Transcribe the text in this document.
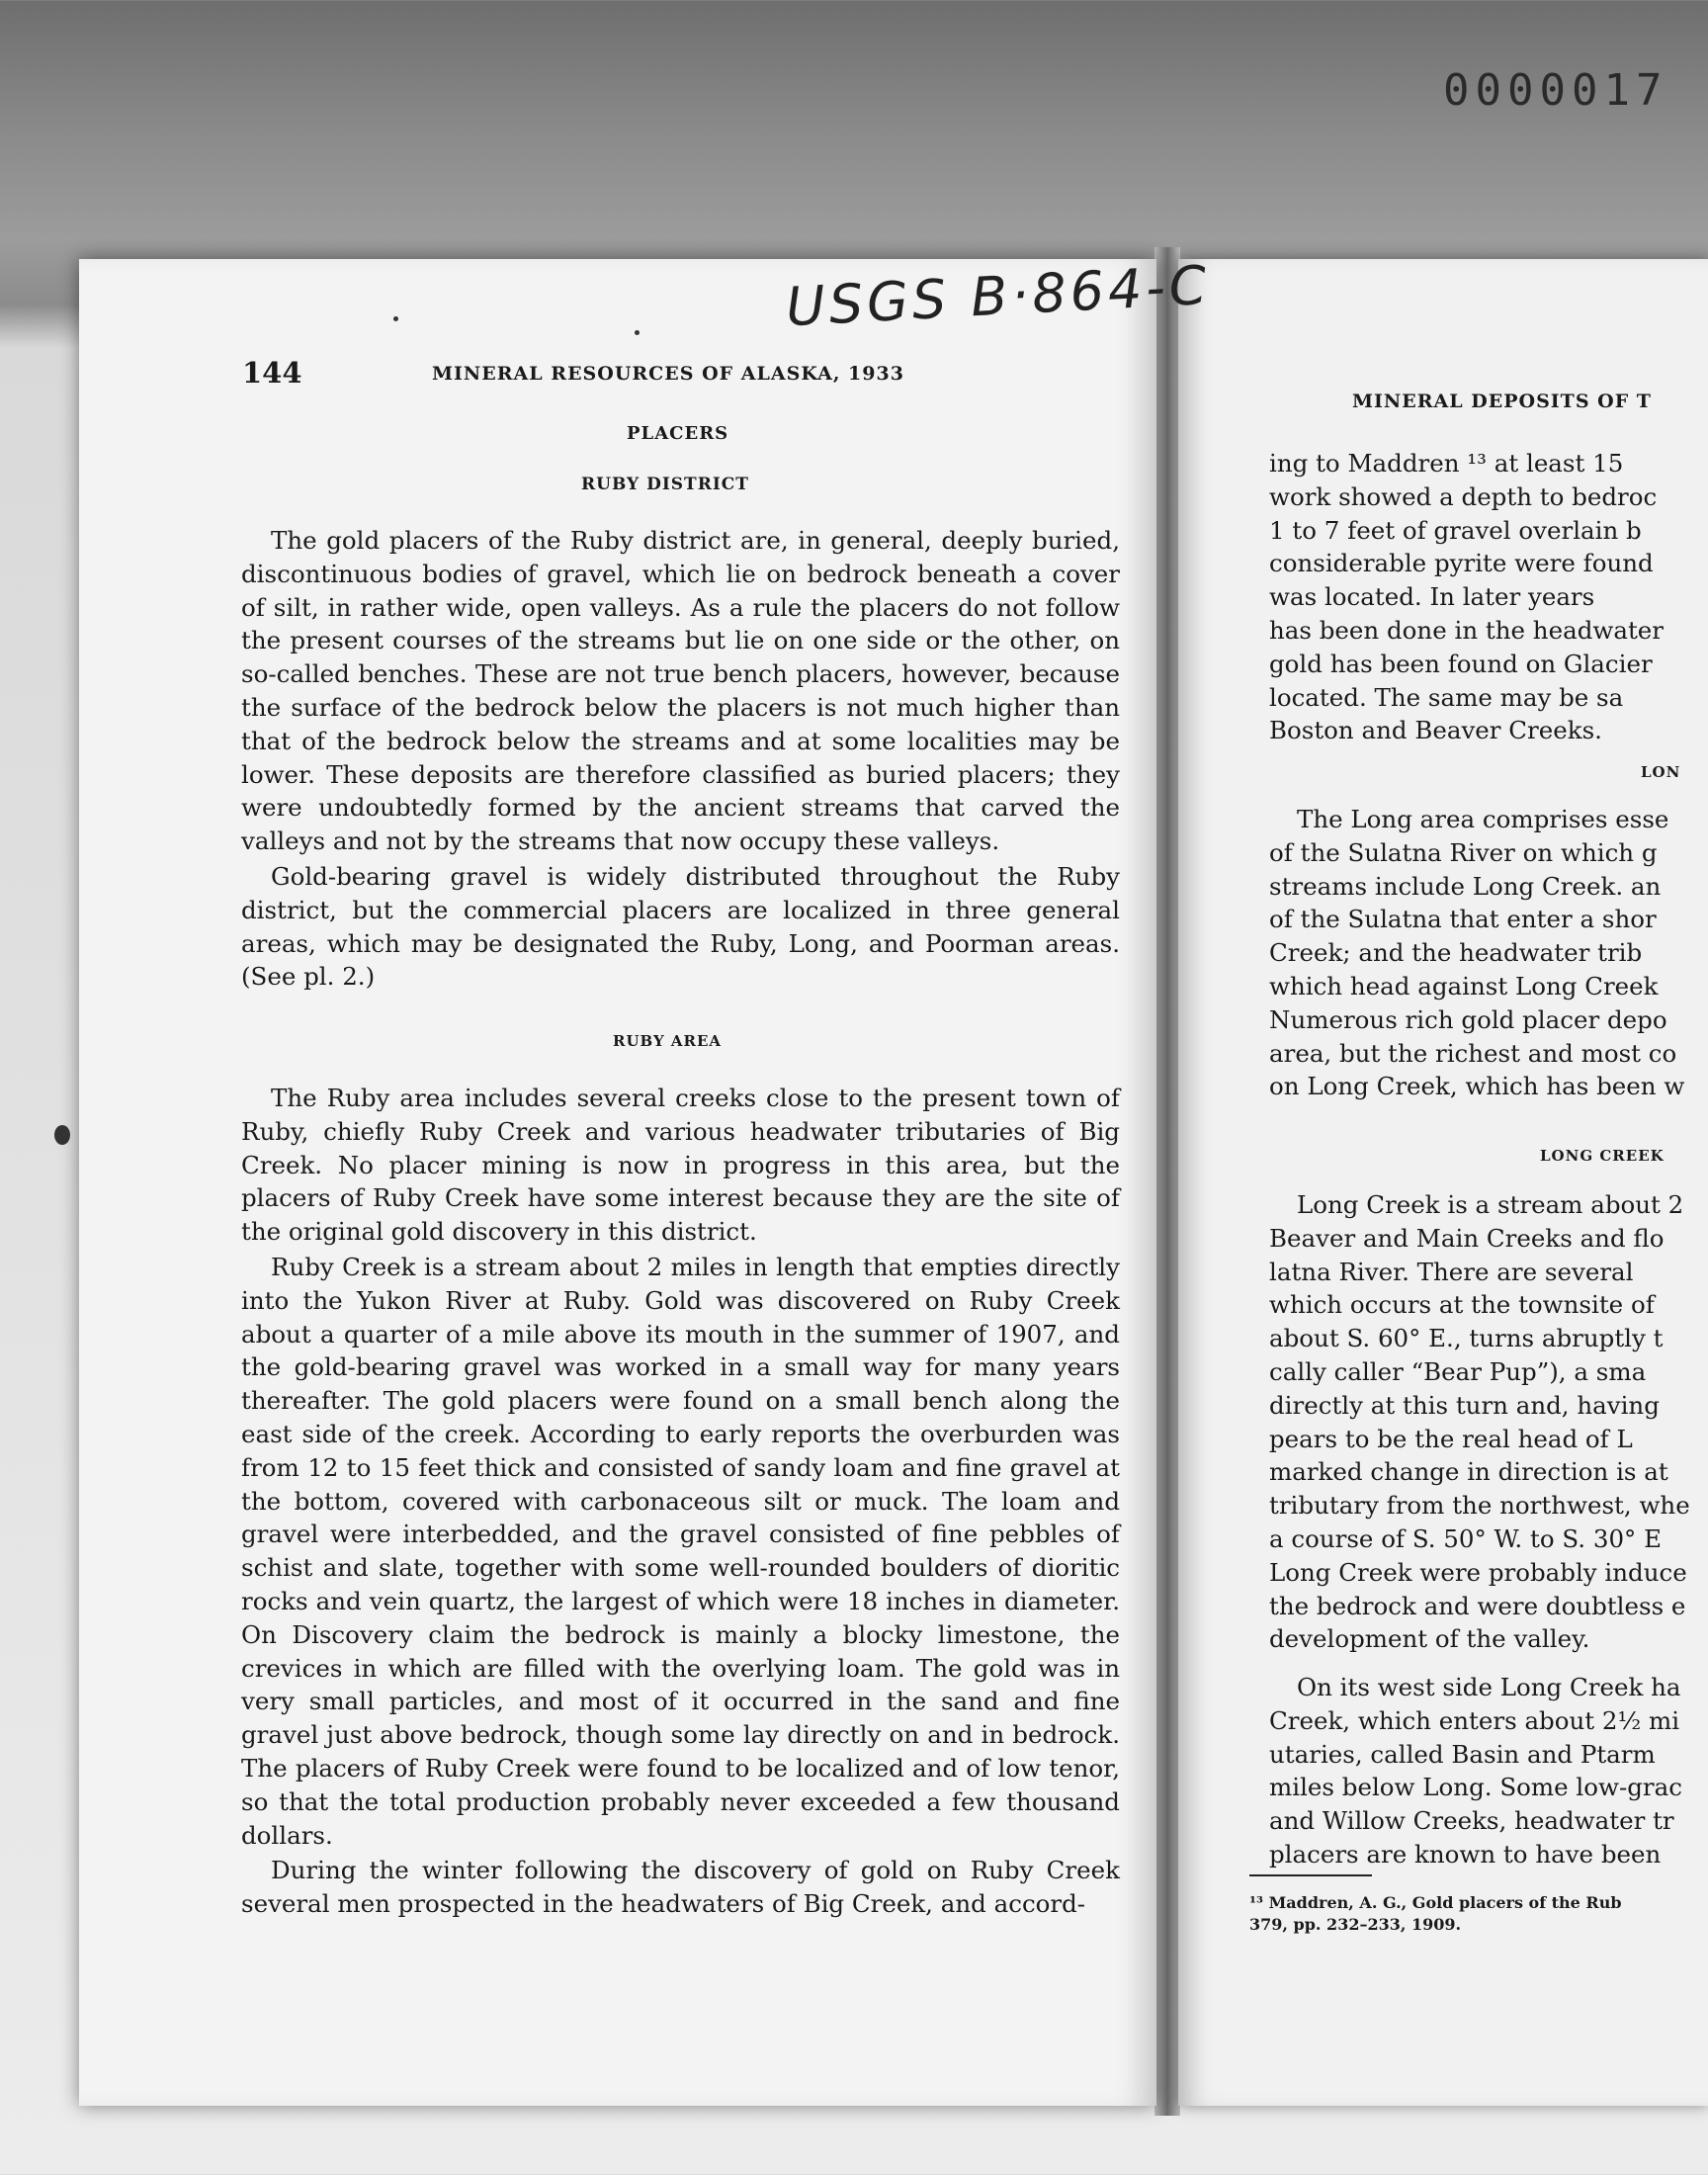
0000017
USGS B·864-C
144	MINERAL RESOURCES OF ALASKA, 1933
PLACERS
RUBY DISTRICT

The gold placers of the Ruby district are, in general, deeply buried, discontinuous bodies of gravel, which lie on bedrock beneath a cover of silt, in rather wide, open valleys. As a rule the placers do not follow the present courses of the streams but lie on one side or the other, on so-called benches. These are not true bench placers, however, because the surface of the bedrock below the placers is not much higher than that of the bedrock below the streams and at some localities may be lower. These deposits are therefore classified as buried placers; they were undoubtedly formed by the ancient streams that carved the valleys and not by the streams that now occupy these valleys.

Gold-bearing gravel is widely distributed throughout the Ruby district, but the commercial placers are localized in three general areas, which may be designated the Ruby, Long, and Poorman areas. (See pl. 2.)

RUBY AREA

The Ruby area includes several creeks close to the present town of Ruby, chiefly Ruby Creek and various headwater tributaries of Big Creek. No placer mining is now in progress in this area, but the placers of Ruby Creek have some interest because they are the site of the original gold discovery in this district.

Ruby Creek is a stream about 2 miles in length that empties directly into the Yukon River at Ruby. Gold was discovered on Ruby Creek about a quarter of a mile above its mouth in the summer of 1907, and the gold-bearing gravel was worked in a small way for many years thereafter. The gold placers were found on a small bench along the east side of the creek. According to early reports the overburden was from 12 to 15 feet thick and consisted of sandy loam and fine gravel at the bottom, covered with carbonaceous silt or muck. The loam and gravel were interbedded, and the gravel consisted of fine pebbles of schist and slate, together with some well-rounded boulders of dioritic rocks and vein quartz, the largest of which were 18 inches in diameter. On Discovery claim the bedrock is mainly a blocky limestone, the crevices in which are filled with the overlying loam. The gold was in very small particles, and most of it occurred in the sand and fine gravel just above bedrock, though some lay directly on and in bedrock. The placers of Ruby Creek were found to be localized and of low tenor, so that the total production probably never exceeded a few thousand dollars.

During the winter following the discovery of gold on Ruby Creek several men prospected in the headwaters of Big Creek, and accord-

MINERAL DEPOSITS OF T
ing to Maddren ¹³ at least 15
work showed a depth to bedroc
1 to 7 feet of gravel overlain b
considerable pyrite were found
was located. In later years
has been done in the headwater
gold has been found on Glacier
located. The same may be sa
Boston and Beaver Creeks.
LON
The Long area comprises esse
of the Sulatna River on which g
streams include Long Creek. an
of the Sulatna that enter a shor
Creek; and the headwater trib
which head against Long Creek
Numerous rich gold placer depo
area, but the richest and most co
on Long Creek, which has been w
LONG CREEK
Long Creek is a stream about 2
Beaver and Main Creeks and flo
latna River. There are several
which occurs at the townsite of
about S. 60° E., turns abruptly t
cally caller “Bear Pup”), a sma
directly at this turn and, having
pears to be the real head of L
marked change in direction is at
tributary from the northwest, whe
a course of S. 50° W. to S. 30° E
Long Creek were probably induce
the bedrock and were doubtless e
development of the valley.
On its west side Long Creek ha
Creek, which enters about 2½ mi
utaries, called Basin and Ptarm
miles below Long. Some low-grac
and Willow Creeks, headwater tr
placers are known to have been
¹³ Maddren, A. G., Gold placers of the Rub
379, pp. 232–233, 1909.
